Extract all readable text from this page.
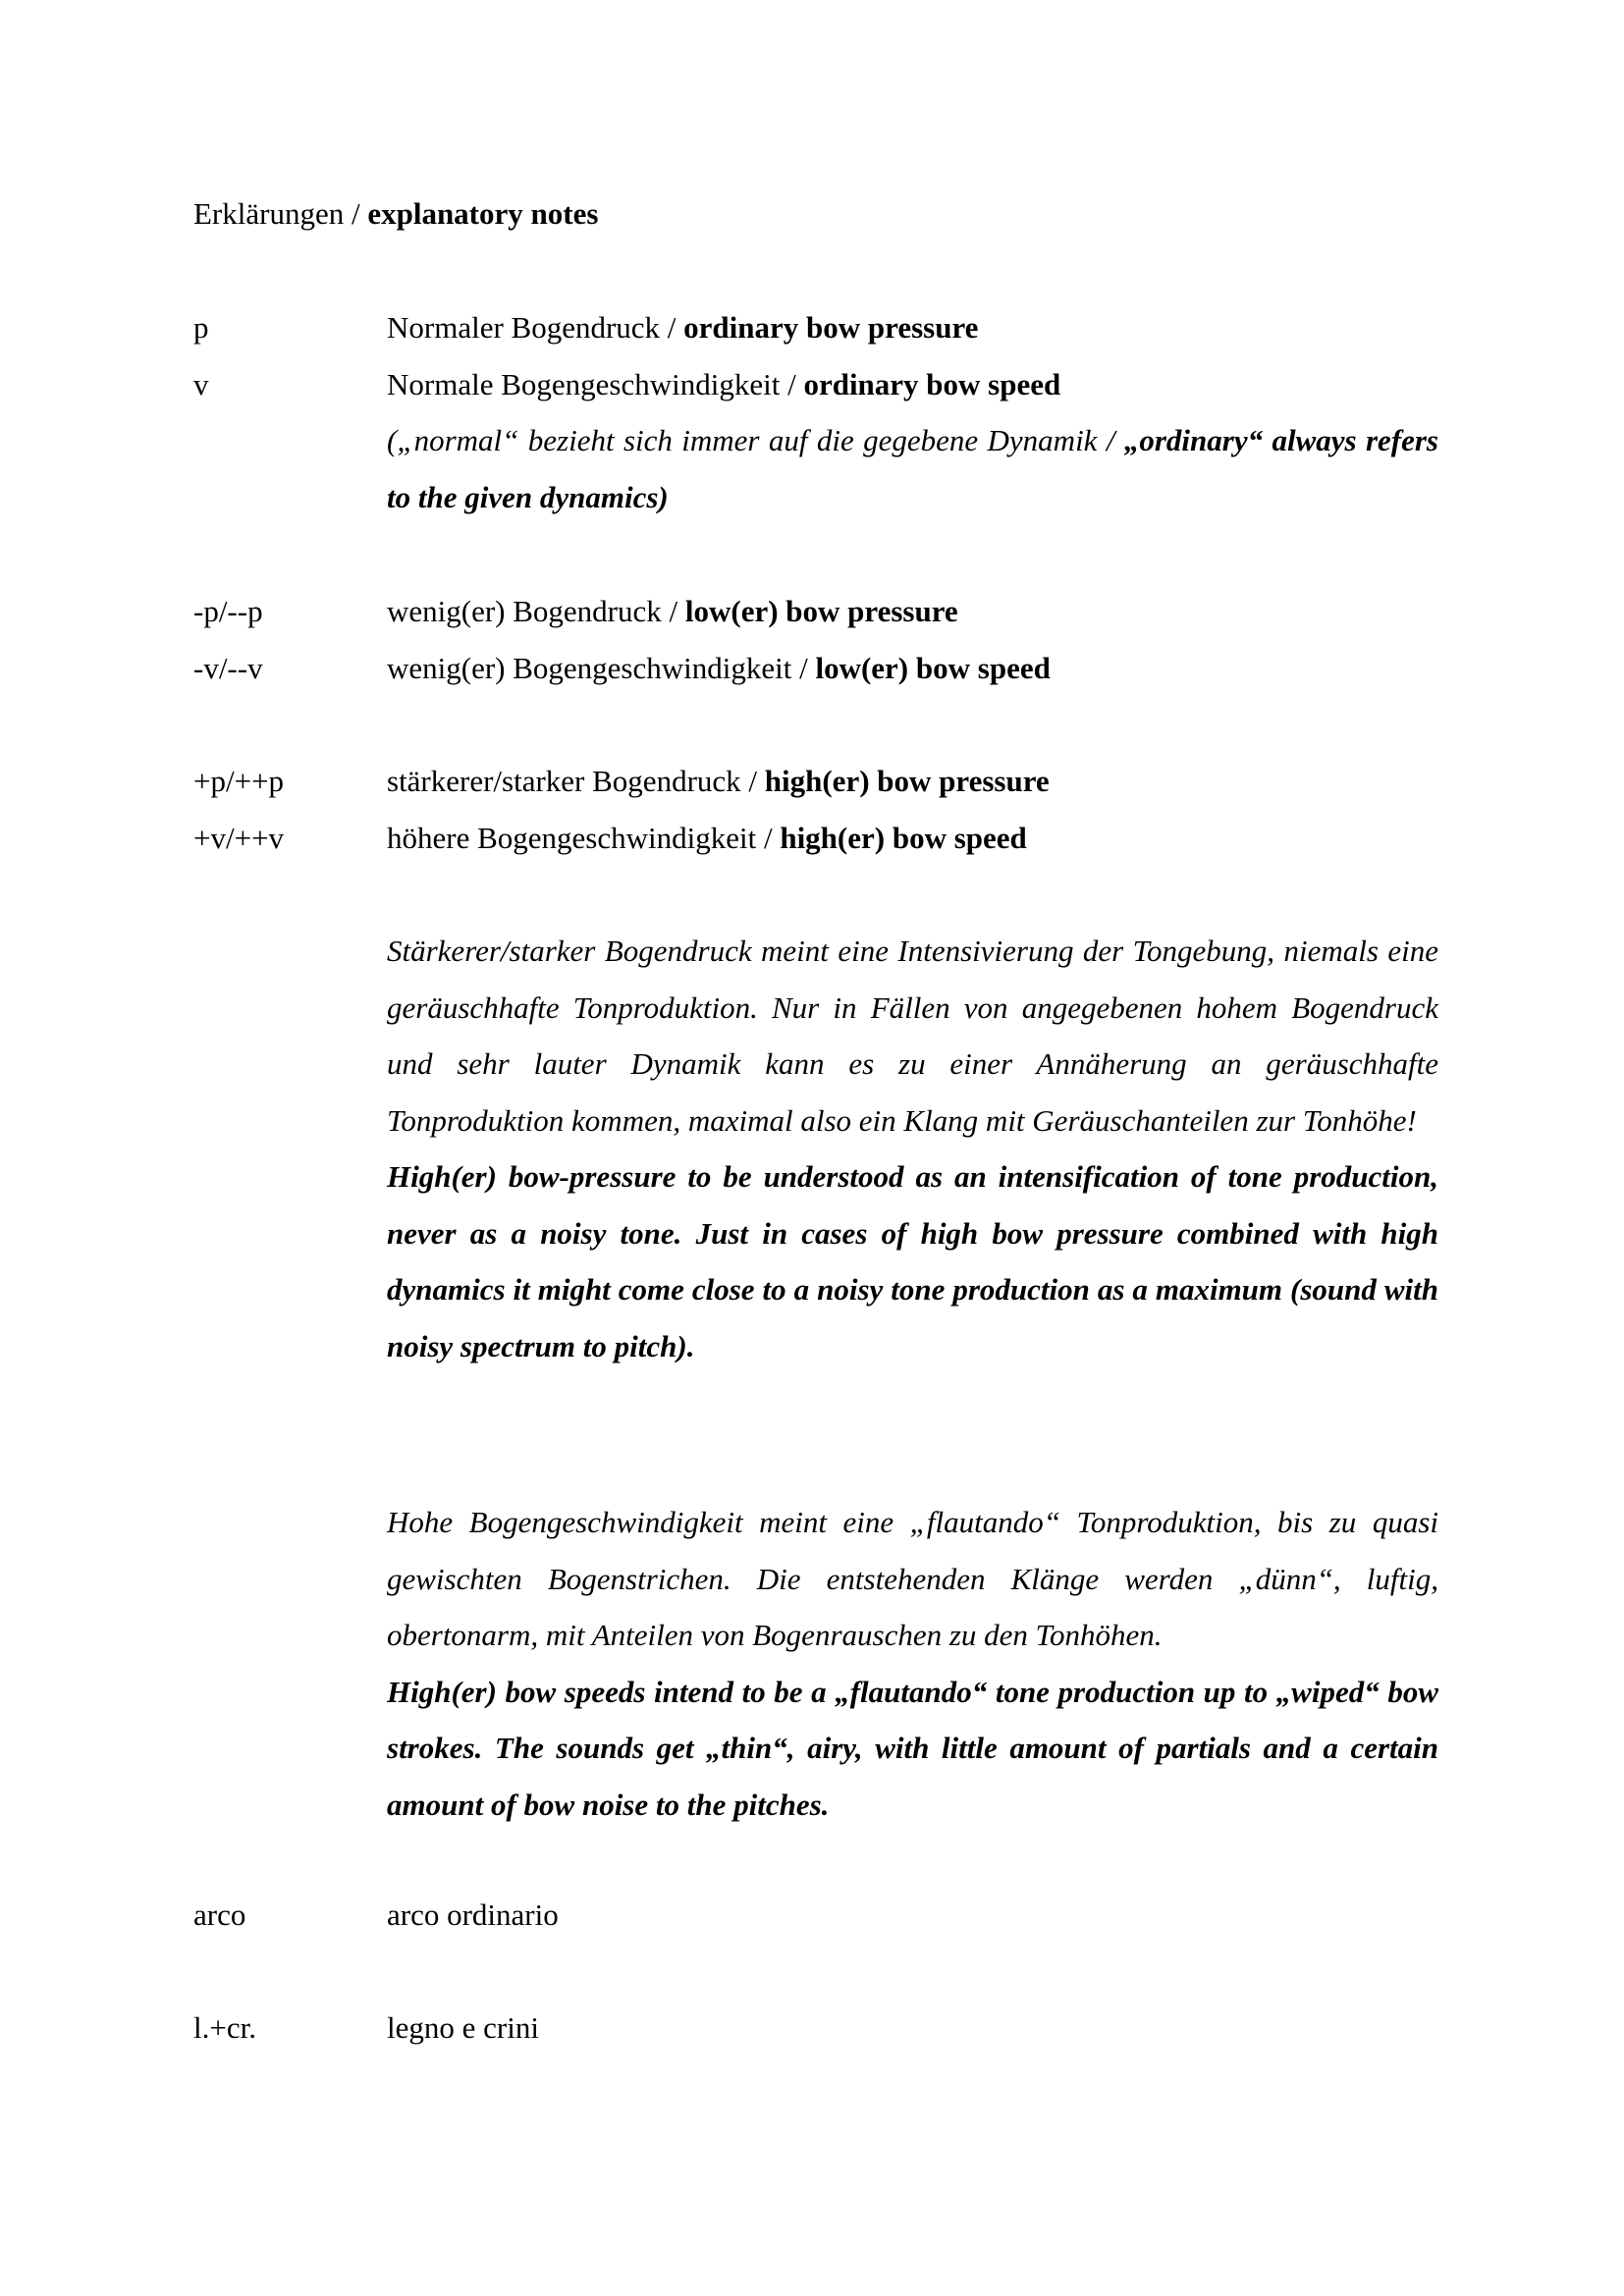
Erklärungen / explanatory notes
p	Normaler Bogendruck / ordinary bow pressure
v	Normale Bogengeschwindigkeit / ordinary bow speed

(„normal“ bezieht sich immer auf die gegebene Dynamik / „ordinary“ always refers to the given dynamics)

-p/--p	wenig(er) Bogendruck / low(er) bow pressure
-v/--v	wenig(er) Bogengeschwindigkeit / low(er) bow speed
+p/++p	stärkerer/starker Bogendruck / high(er) bow pressure
+v/++v	höhere Bogengeschwindigkeit / high(er) bow speed

Stärkerer/starker Bogendruck meint eine Intensivierung der Tongebung, niemals eine geräuschhafte Tonproduktion. Nur in Fällen von angegebenen hohem Bogendruck und sehr lauter Dynamik kann es zu einer Annäherung an geräuschhafte Tonproduktion kommen, maximal also ein Klang mit Geräuschanteilen zur Tonhöhe!

High(er) bow-pressure to be understood as an intensification of tone production, never as a noisy tone. Just in cases of high bow pressure combined with high dynamics it might come close to a noisy tone production as a maximum (sound with noisy spectrum to pitch).

Hohe Bogengeschwindigkeit meint eine „flautando“ Tonproduktion, bis zu quasi gewischten Bogenstrichen. Die entstehenden Klänge werden „dünn“, luftig, obertonarm, mit Anteilen von Bogenrauschen zu den Tonhöhen.

High(er) bow speeds intend to be a „flautando“ tone production up to „wiped“ bow strokes. The sounds get „thin“, airy, with little amount of partials and a certain amount of bow noise to the pitches.

arco	arco ordinario
l.+cr.	legno e crini
